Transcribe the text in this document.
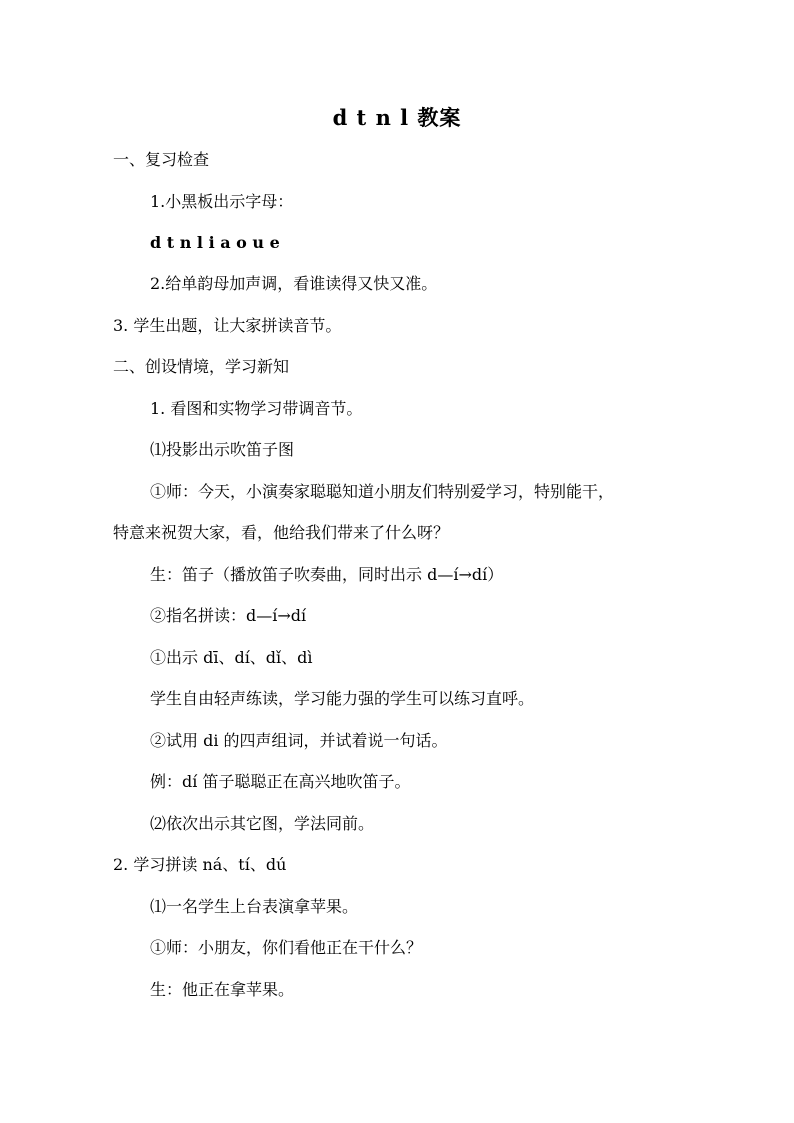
d t n l 教案
一、复习检查
1.小黑板出示字母：
d t n l i a o u e
2.给单韵母加声调，看谁读得又快又准。
3. 学生出题，让大家拼读音节。
二、创设情境，学习新知
1. 看图和实物学习带调音节。
⑴投影出示吹笛子图
①师：今天，小演奏家聪聪知道小朋友们特别爱学习，特别能干，
特意来祝贺大家，看，他给我们带来了什么呀？
生：笛子（播放笛子吹奏曲，同时出示 d—í→dí）
②指名拼读：d—í→dí
①出示 dī、dí、dǐ、dì
学生自由轻声练读，学习能力强的学生可以练习直呼。
②试用 di 的四声组词，并试着说一句话。
例：dí 笛子聪聪正在高兴地吹笛子。
⑵依次出示其它图，学法同前。
2. 学习拼读 ná、tí、dú
⑴一名学生上台表演拿苹果。
①师：小朋友，你们看他正在干什么？
生：他正在拿苹果。
